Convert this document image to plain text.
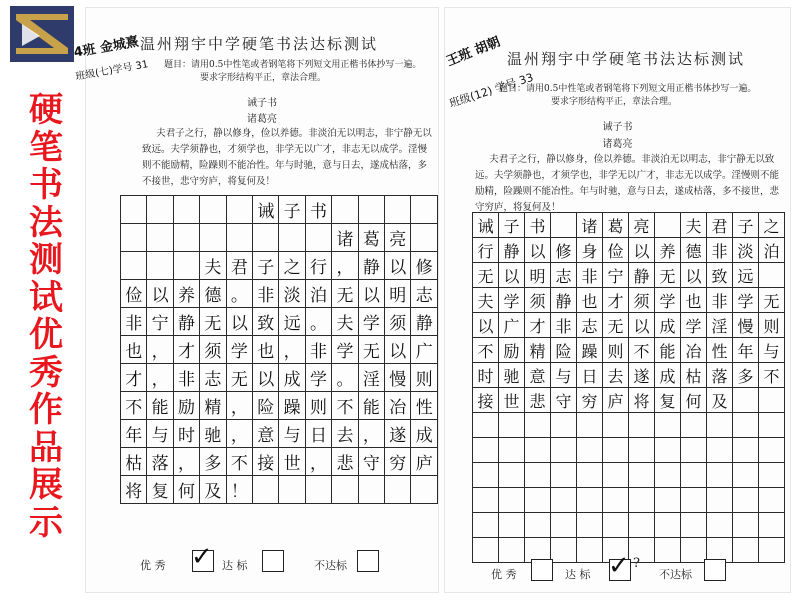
硬
笔
书
法
测
试
优
秀
作
品
展
示
4班 金城熹
班级(七)学号 31
温州翔宇中学硬笔书法达标测试
题目：请用0.5中性笔或者钢笔将下列短文用正楷书体抄写一遍。
要求字形结构平正，章法合理。
诫子书
诸葛亮
夫君子之行，静以修身，俭以养德。非淡泊无以明志，非宁静无以致远。夫学须静也，才须学也，非学无以广才，非志无以成学。淫慢则不能励精，险躁则不能冶性。年与时驰，意与日去，遂成枯落，多不接世，悲守穷庐，将复何及！
					诫	子	书				
								诸	葛	亮	
			夫	君	子	之	行	，	静	以	修
俭	以	养	德	。	非	淡	泊	无	以	明	志
非	宁	静	无	以	致	远	。	夫	学	须	静
也	，	才	须	学	也	，	非	学	无	以	广
才	，	非	志	无	以	成	学	。	淫	慢	则
不	能	励	精	，	险	躁	则	不	能	冶	性
年	与	时	驰	，	意	与	日	去	，	遂	成
枯	落	，	多	不	接	世	，	悲	守	穷	庐
将	复	何	及	！							
优 秀 ✓ 达 标	不达标
王班 胡朝
班级(12) 学号 33
温州翔宇中学硬笔书法达标测试
题目：请用0.5中性笔或者钢笔将下列短文用正楷书体抄写一遍。
要求字形结构平正，章法合理。
诫子书
诸葛亮
夫君子之行，静以修身，俭以养德。非淡泊无以明志，非宁静无以致远。夫学须静也，才须学也，非学无以广才，非志无以成学。淫慢则不能励精，险躁则不能冶性。年与时驰，意与日去，遂成枯落，多不接世，悲守穷庐，将复何及！
诫	子	书		诸	葛	亮		夫	君	子	之
行	静	以	修	身	俭	以	养	德	非	淡	泊
无	以	明	志	非	宁	静	无	以	致	远	
夫	学	须	静	也	才	须	学	也	非	学	无
以	广	才	非	志	无	以	成	学	淫	慢	则
不	励	精	险	躁	则	不	能	冶	性	年	与
时	驰	意	与	日	去	遂	成	枯	落	多	不
接	世	悲	守	穷	庐	将	复	何	及		

优 秀	达 标 ✓ ?
不达标
